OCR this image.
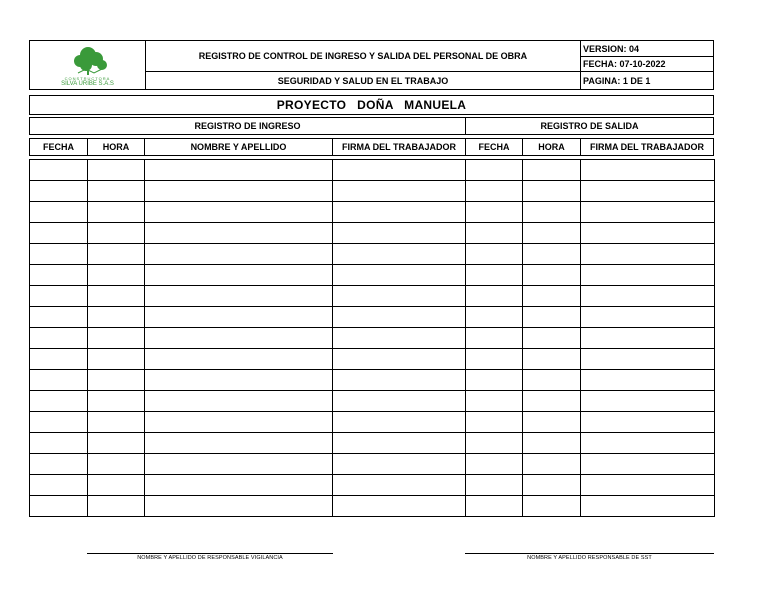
CONSTRUCTORA
SILVA URIBE S.A.S
REGISTRO DE CONTROL DE INGRESO Y SALIDA DEL PERSONAL DE OBRA
SEGURIDAD Y SALUD EN EL TRABAJO
VERSION: 04
FECHA: 07-10-2022
PAGINA: 1 DE 1
PROYECTO   DOÑA   MANUELA
REGISTRO DE INGRESO	REGISTRO DE SALIDA
FECHA	HORA	NOMBRE Y APELLIDO	FIRMA DEL TRABAJADOR	FECHA	HORA	FIRMA DEL TRABAJADOR
NOMBRE Y APELLIDO DE RESPONSABLE VIGILANCIA	NOMBRE Y APELLIDO RESPONSABLE DE SST
